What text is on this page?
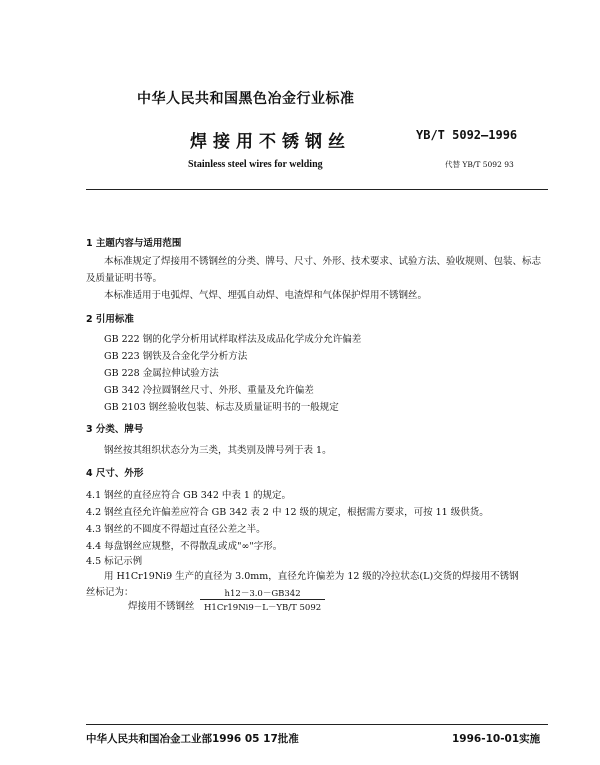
中华人民共和国黑色冶金行业标准
焊接用不锈钢丝	YB/T 5092—1996
Stainless steel wires for welding	代替 YB/T 5092 93
1 主题内容与适用范围
本标准规定了焊接用不锈钢丝的分类、牌号、尺寸、外形、技术要求、试验方法、验收规则、包装、标志
及质量证明书等。
本标准适用于电弧焊、气焊、埋弧自动焊、电渣焊和气体保护焊用不锈钢丝。
2 引用标准
GB 222 钢的化学分析用试样取样法及成品化学成分允许偏差
GB 223 钢铁及合金化学分析方法
GB 228 金属拉伸试验方法
GB 342 冷拉圆钢丝尺寸、外形、重量及允许偏差
GB 2103 钢丝验收包装、标志及质量证明书的一般规定
3 分类、牌号
钢丝按其组织状态分为三类，其类别及牌号列于表 1。
4 尺寸、外形
4.1 钢丝的直径应符合 GB 342 中表 1 的规定。
4.2 钢丝直径允许偏差应符合 GB 342 表 2 中 12 级的规定，根据需方要求，可按 11 级供货。
4.3 钢丝的不圆度不得超过直径公差之半。
4.4 每盘钢丝应规整，不得散乱或成"∞"字形。
4.5 标记示例
用 H1Cr19Ni9 生产的直径为 3.0mm，直径允许偏差为 12 级的冷拉状态(L)交货的焊接用不锈钢
丝标记为：
焊接用不锈钢丝 $\frac{h12-3.0-GB342}{H1Cr19Ni9-L-YB/T 5092}$
中华人民共和国冶金工业部1996 05 17批准	1996-10-01实施
